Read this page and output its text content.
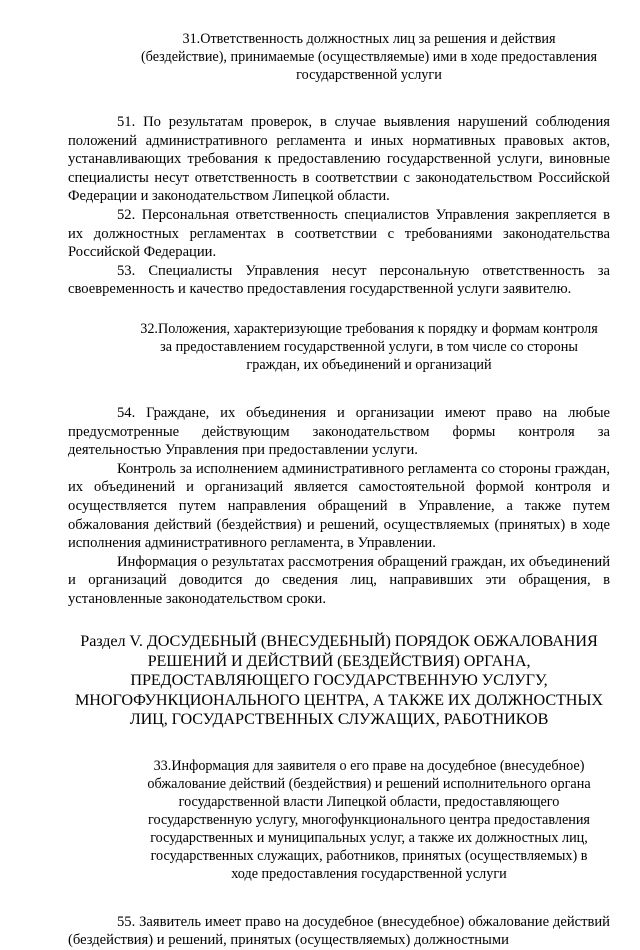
31.Ответственность должностных лиц за решения и действия (бездействие), принимаемые (осуществляемые) ими в ходе предоставления государственной услуги

51. По результатам проверок, в случае выявления нарушений соблюдения положений административного регламента и иных нормативных правовых актов, устанавливающих требования к предоставлению государственной услуги, виновные специалисты несут ответственность в соответствии с законодательством Российской Федерации и законодательством Липецкой области.

52. Персональная ответственность специалистов Управления закрепляется в их должностных регламентах в соответствии с требованиями законодательства Российской Федерации.

53. Специалисты Управления несут персональную ответственность за своевременность и качество предоставления государственной услуги заявителю.

32.Положения, характеризующие требования к порядку и формам контроля за предоставлением государственной услуги, в том числе со стороны граждан, их объединений и организаций

54. Граждане, их объединения и организации имеют право на любые предусмотренные действующим законодательством формы контроля за деятельностью Управления при предоставлении услуги.

Контроль за исполнением административного регламента со стороны граждан, их объединений и организаций является самостоятельной формой контроля и осуществляется путем направления обращений в Управление, а также путем обжалования действий (бездействия) и решений, осуществляемых (принятых) в ходе исполнения административного регламента, в Управлении.

Информация о результатах рассмотрения обращений граждан, их объединений и организаций доводится до сведения лиц, направивших эти обращения, в установленные законодательством сроки.

Раздел V. ДОСУДЕБНЫЙ (ВНЕСУДЕБНЫЙ) ПОРЯДОК ОБЖАЛОВАНИЯ РЕШЕНИЙ И ДЕЙСТВИЙ (БЕЗДЕЙСТВИЯ) ОРГАНА, ПРЕДОСТАВЛЯЮЩЕГО ГОСУДАРСТВЕННУЮ УСЛУГУ, МНОГОФУНКЦИОНАЛЬНОГО ЦЕНТРА, А ТАКЖЕ ИХ ДОЛЖНОСТНЫХ ЛИЦ, ГОСУДАРСТВЕННЫХ СЛУЖАЩИХ, РАБОТНИКОВ
33.Информация для заявителя о его праве на досудебное (внесудебное) обжалование действий (бездействия) и решений исполнительного органа государственной власти Липецкой области, предоставляющего государственную услугу, многофункционального центра предоставления государственных и муниципальных услуг, а также их должностных лиц, государственных служащих, работников, принятых (осуществляемых) в ходе предоставления государственной услуги

55. Заявитель имеет право на досудебное (внесудебное) обжалование действий (бездействия) и решений, принятых (осуществляемых) должностными
